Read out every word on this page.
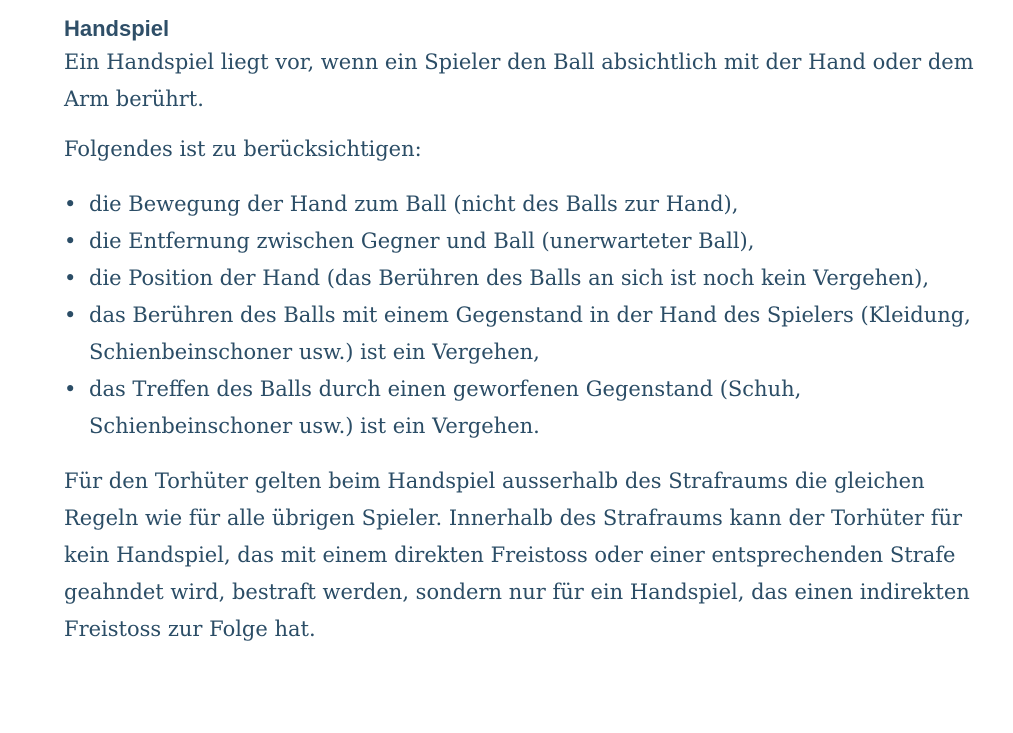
Handspiel

Ein Handspiel liegt vor, wenn ein Spieler den Ball absichtlich mit der Hand oder dem Arm berührt.

Folgendes ist zu berücksichtigen:

• die Bewegung der Hand zum Ball (nicht des Balls zur Hand),
• die Entfernung zwischen Gegner und Ball (unerwarteter Ball),
• die Position der Hand (das Berühren des Balls an sich ist noch kein Vergehen),
• das Berühren des Balls mit einem Gegenstand in der Hand des Spielers (Kleidung, Schienbeinschoner usw.) ist ein Vergehen,
• das Treffen des Balls durch einen geworfenen Gegenstand (Schuh, Schienbeinschoner usw.) ist ein Vergehen.

Für den Torhüter gelten beim Handspiel ausserhalb des Strafraums die gleichen Regeln wie für alle übrigen Spieler. Innerhalb des Strafraums kann der Torhüter für kein Handspiel, das mit einem direkten Freistoss oder einer entsprechenden Strafe geahndet wird, bestraft werden, sondern nur für ein Handspiel, das einen indirekten Freistoss zur Folge hat.
